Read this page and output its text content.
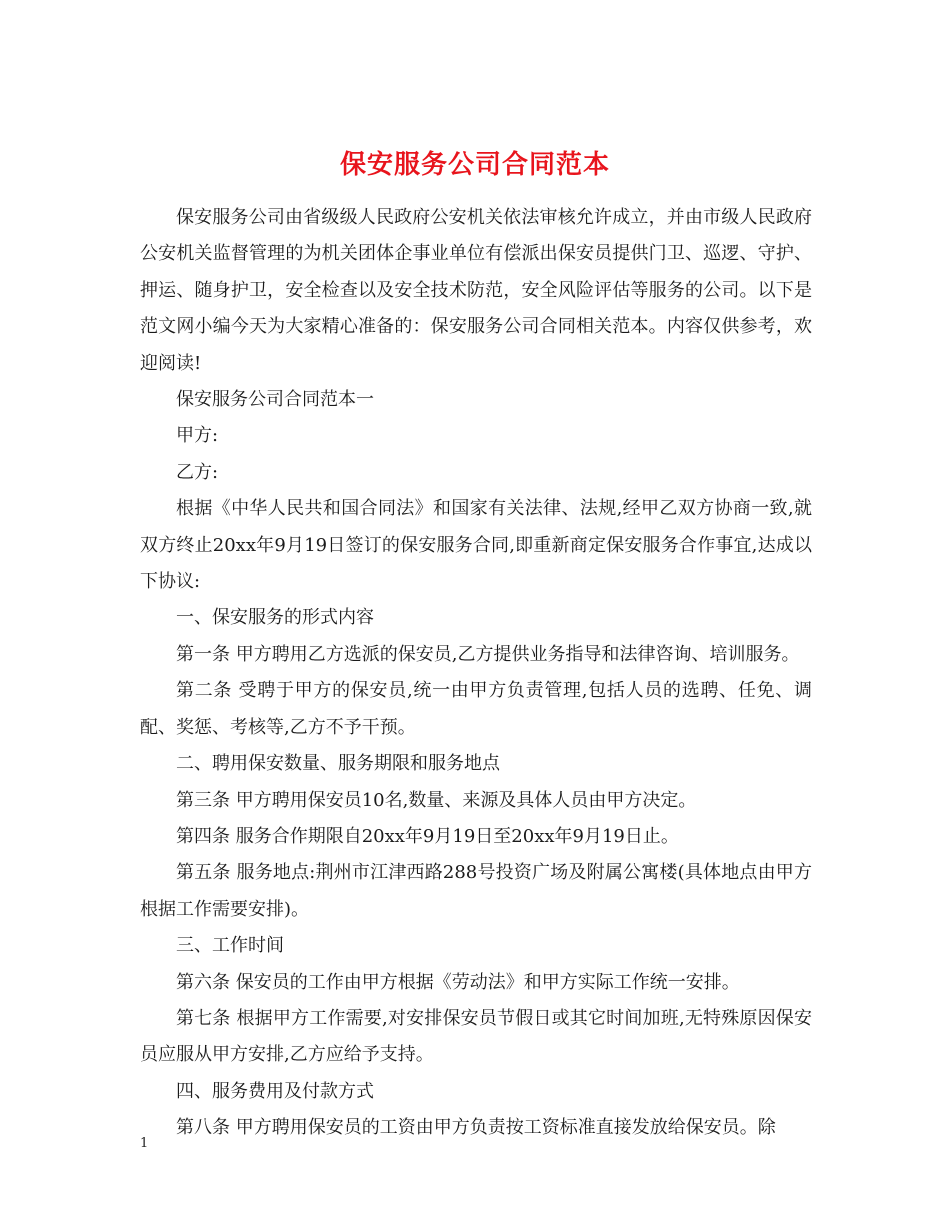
保安服务公司合同范本

保安服务公司由省级级人民政府公安机关依法审核允许成立，并由市级人民政府公安机关监督管理的为机关团体企事业单位有偿派出保安员提供门卫、巡逻、守护、押运、随身护卫，安全检查以及安全技术防范，安全风险评估等服务的公司。以下是范文网小编今天为大家精心准备的：保安服务公司合同相关范本。内容仅供参考，欢迎阅读!

保安服务公司合同范本一

甲方:

乙方:

根据《中华人民共和国合同法》和国家有关法律、法规,经甲乙双方协商一致,就双方终止20xx年9月19日签订的保安服务合同,即重新商定保安服务合作事宜,达成以下协议:

一、保安服务的形式内容

第一条 甲方聘用乙方选派的保安员,乙方提供业务指导和法律咨询、培训服务。

第二条 受聘于甲方的保安员,统一由甲方负责管理,包括人员的选聘、任免、调配、奖惩、考核等,乙方不予干预。

二、聘用保安数量、服务期限和服务地点

第三条 甲方聘用保安员10名,数量、来源及具体人员由甲方决定。

第四条 服务合作期限自20xx年9月19日至20xx年9月19日止。

第五条 服务地点:荆州市江津西路288号投资广场及附属公寓楼(具体地点由甲方根据工作需要安排)。

三、工作时间

第六条 保安员的工作由甲方根据《劳动法》和甲方实际工作统一安排。

第七条 根据甲方工作需要,对安排保安员节假日或其它时间加班,无特殊原因保安员应服从甲方安排,乙方应给予支持。

四、服务费用及付款方式

第八条 甲方聘用保安员的工资由甲方负责按工资标准直接发放给保安员。除

1
